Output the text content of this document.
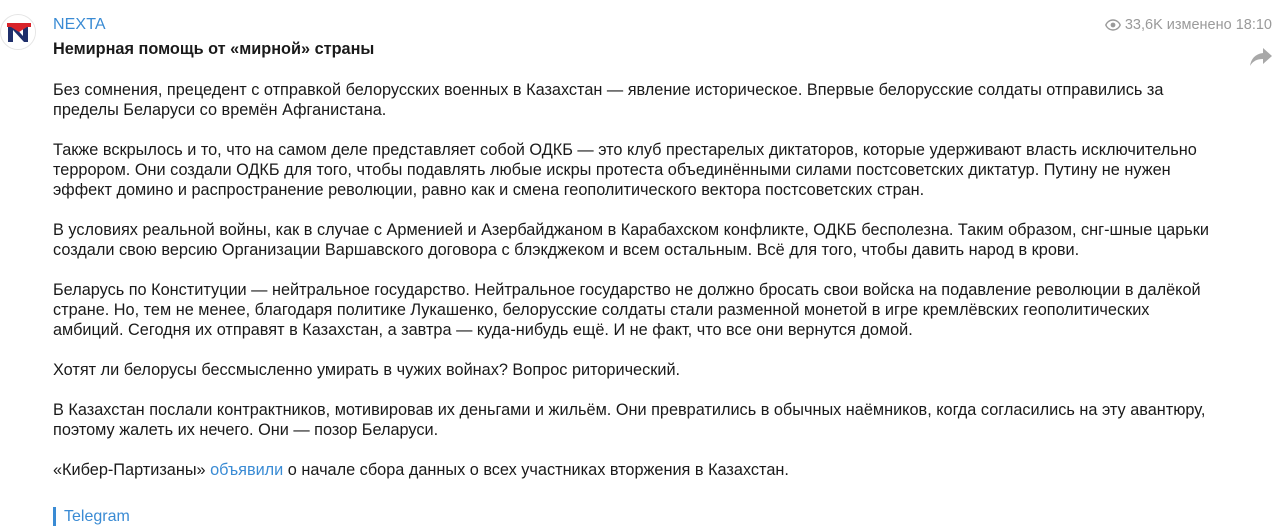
NEXTA	33,6K изменено 18:10
Немирная помощь от «мирной» страны
Без сомнения, прецедент с отправкой белорусских военных в Казахстан — явление историческое. Впервые белорусские солдаты отправились за пределы Беларуси со времён Афганистана.
Также вскрылось и то, что на самом деле представляет собой ОДКБ — это клуб престарелых диктаторов, которые удерживают власть исключительно террором. Они создали ОДКБ для того, чтобы подавлять любые искры протеста объединёнными силами постсоветских диктатур. Путину не нужен эффект домино и распространение революции, равно как и смена геополитического вектора постсоветских стран.
В условиях реальной войны, как в случае с Арменией и Азербайджаном в Карабахском конфликте, ОДКБ бесполезна. Таким образом, снг-шные царьки создали свою версию Организации Варшавского договора с блэкджеком и всем остальным. Всё для того, чтобы давить народ в крови.
Беларусь по Конституции — нейтральное государство. Нейтральное государство не должно бросать свои войска на подавление революции в далёкой стране. Но, тем не менее, благодаря политике Лукашенко, белорусские солдаты стали разменной монетой в игре кремлёвских геополитических амбиций. Сегодня их отправят в Казахстан, а завтра — куда-нибудь ещё. И не факт, что все они вернутся домой.
Хотят ли белорусы бессмысленно умирать в чужих войнах? Вопрос риторический.
В Казахстан послали контрактников, мотивировав их деньгами и жильём. Они превратились в обычных наёмников, когда согласились на эту авантюру, поэтому жалеть их нечего. Они — позор Беларуси.
«Кибер-Партизаны» объявили о начале сбора данных о всех участниках вторжения в Казахстан.
Telegram
